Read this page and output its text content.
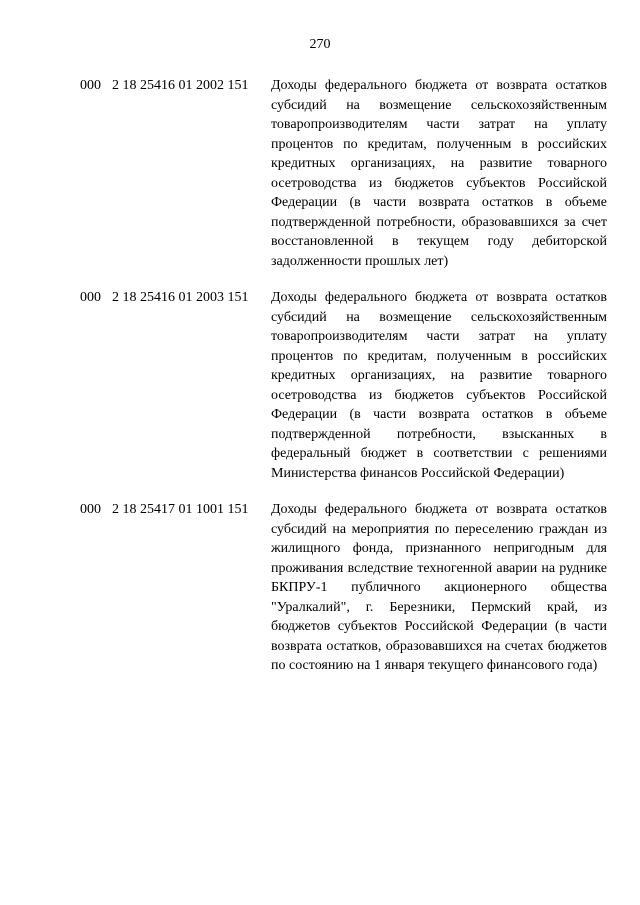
270
000 2 18 25416 01 2002 151 Доходы федерального бюджета от возврата остатков субсидий на возмещение сельскохозяйственным товаропроизводителям части затрат на уплату процентов по кредитам, полученным в российских кредитных организациях, на развитие товарного осетроводства из бюджетов субъектов Российской Федерации (в части возврата остатков в объеме подтвержденной потребности, образовавшихся за счет восстановленной в текущем году дебиторской задолженности прошлых лет)
000 2 18 25416 01 2003 151 Доходы федерального бюджета от возврата остатков субсидий на возмещение сельскохозяйственным товаропроизводителям части затрат на уплату процентов по кредитам, полученным в российских кредитных организациях, на развитие товарного осетроводства из бюджетов субъектов Российской Федерации (в части возврата остатков в объеме подтвержденной потребности, взысканных в федеральный бюджет в соответствии с решениями Министерства финансов Российской Федерации)
000 2 18 25417 01 1001 151 Доходы федерального бюджета от возврата остатков субсидий на мероприятия по переселению граждан из жилищного фонда, признанного непригодным для проживания вследствие техногенной аварии на руднике БКПРУ-1 публичного акционерного общества "Уралкалий", г. Березники, Пермский край, из бюджетов субъектов Российской Федерации (в части возврата остатков, образовавшихся на счетах бюджетов по состоянию на 1 января текущего финансового года)
